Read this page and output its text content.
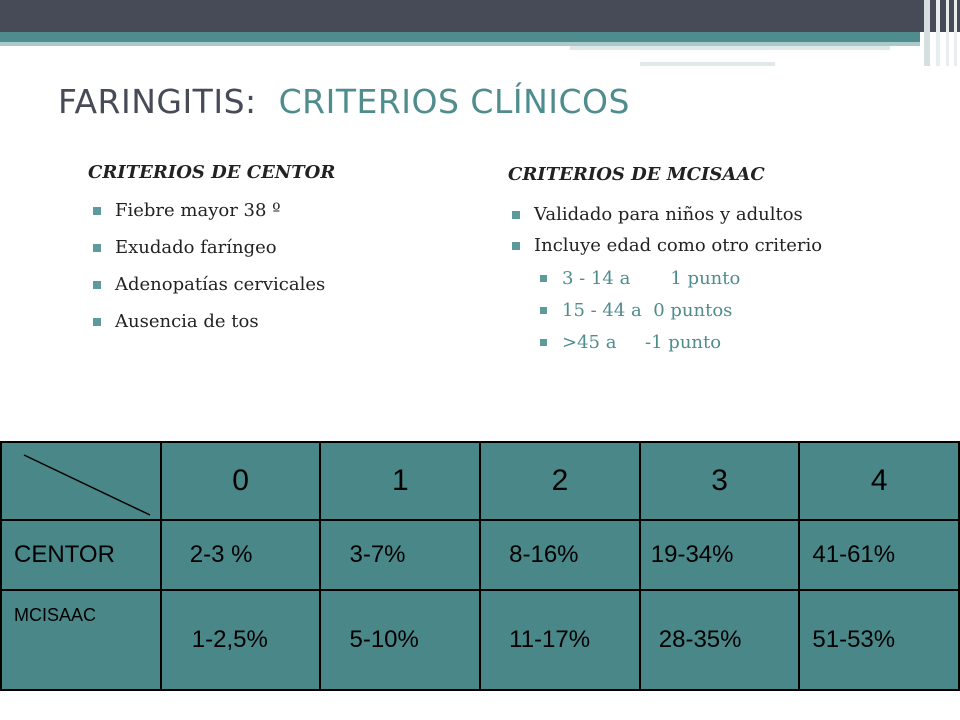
FARINGITIS: CRITERIOS CLÍNICOS
CRITERIOS DE CENTOR
Fiebre mayor 38 º
Exudado faríngeo
Adenopatías cervicales
Ausencia de tos
CRITERIOS DE MCISAAC
Validado para niños y adultos
Incluye edad como otro criterio
3 - 14 a       1 punto
15 - 44 a  0 puntos
>45 a     -1 punto
	0	1	2	3	4
CENTOR	2-3 %	3-7%	8-16%	19-34%	41-61%
MCISAAC	1-2,5%	5-10%	11-17%	28-35%	51-53%
